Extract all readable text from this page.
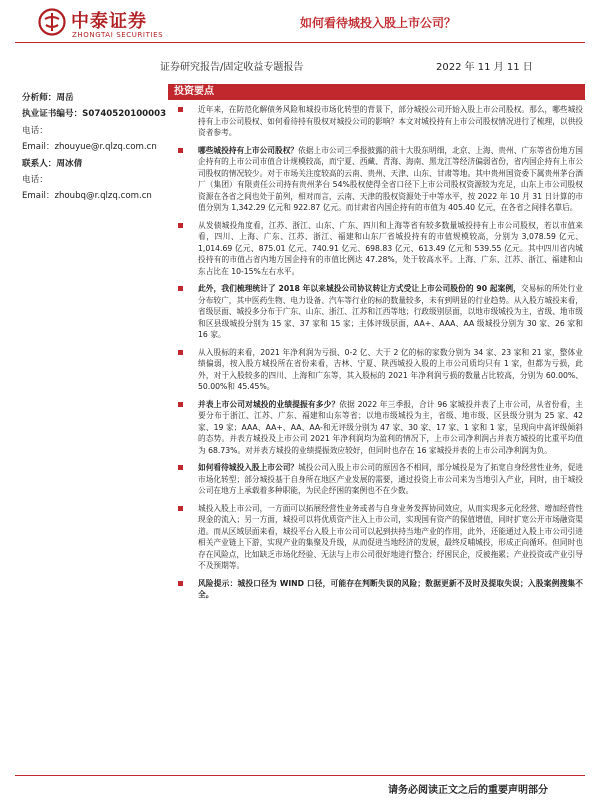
中泰证券
ZHONGTAI SECURITIES
如何看待城投入股上市公司？
证券研究报告/固定收益专题报告	2022 年 11 月 11 日
投资要点
分析师：周岳
执业证书编号：S0740520100003
电话：
Email：zhouyue@r.qlzq.com.cn
联系人：周冰倩
电话：
Email：zhoubq@r.qlzq.com.cn
近年来，在防范化解债务风险和城投市场化转型的背景下，部分城投公司开始入股上市公司股权。那么，哪些城投持有上市公司股权、如何看待持有股权对城投公司的影响？本文对城投持有上市公司股权情况进行了梳理，以供投资者参考。
哪些城投持有上市公司股权？依据上市公司三季报披露的前十大股东明细，北京、上海、贵州、广东等省份地方国企持有的上市公司市值合计规模较高，而宁夏、西藏、青海、海南、黑龙江等经济偏弱省份，省内国企持有上市公司股权的情况较少。对于市场关注度较高的云南、贵州、天津、山东、甘肃等地。其中贵州国资委下属贵州茅台酒厂（集团）有限责任公司持有贵州茅台 54%股权使得全省口径下上市公司股权资源较为充足，山东上市公司股权资源在各省之间也处于前列，相对而言，云南、天津的股权资源处于中等水平，按 2022 年 10 月 31 日计算的市值分别为 1,342.29 亿元和 922.87 亿元。而甘肃省内国企持有的市值为 405.40 亿元，在各省之间排名靠后。
从发债城投角度看，江苏、浙江、山东、广东、四川和上海等省有较多数量城投持有上市公司股权，若以市值来看，四川、上海、广东、江苏、浙江、福建和山东厂省城投持有的市值规模较高，分别为 3,078.59 亿元、1,014.69 亿元、875.01 亿元、740.91 亿元、698.83 亿元、613.49 亿元和 539.55 亿元。其中四川省内城投持有的市值占省内地方国企持有的市值比例达 47.28%，处于较高水平。上海、广东、江苏、浙江、福建和山东占比在 10-15%左右水平。
此外，我们梳理统计了 2018 年以来城投公司协议转让方式受让上市公司股份的 90 起案例，交易标的所处行业分布较广，其中医药生物、电力设备、汽车等行业的标的数量较多，未有到明显的行业趋势。从入股方城投来看，省级层面、城投多分布于广东、山东、浙江、江苏和江西等地；行政级别层面，以地市级城投为主，省级、地市级和区县级城投分别为 15 家、37 家和 15 家；主体评级层面，AA+、AAA、AA 级城投分别为 30 家、26 家和 16 家。
从入股标的来看，2021 年净利润为亏损、0-2 亿、大于 2 亿的标的家数分别为 34 家、23 家和 21 家，整体业绩偏弱，按入股方城投所在省份来看，吉林、宁夏、陕西城投入股的上市公司质均只有 1 家，但都为亏损，此外，对于入股较多的四川、上海和广东等，其入股标的 2021 年净利润亏损的数量占比较高，分别为 60.00%、50.00%和 45.45%。
并表上市公司对城投的业绩提振有多少？依据 2022 年三季报，合计 96 家城投并表了上市公司，从省份看，主要分布于浙江、江苏、广东、福建和山东等省；以地市级城投为主，省级、地市级、区县级分别为 25 家、42 家、19 家；AAA、AA+、AA、AA-和无评级分别为 47 家、30 家、17 家、1 家和 1 家，呈现向中高评级倾斜的态势。并表方城投及上市公司 2021 年净利润均为盈利的情况下，上市公司净利润占并表方城投的比重平均值为 68.73%。对并表方城投的业绩提振效应较好，但同时也存在 16 家城投并表的上市公司净利润为负。
如何看待城投入股上市公司？城投公司入股上市公司的原因各不相同，部分城投是为了拓宽自身经营性业务，促进市场化转型；部分城投基于自身所在地区产业发展的需要，通过投资上市公司来为当地引入产业，同时，由于城投公司在地方上承载着多种职能，为民企纾困的案例也不在少数。
城投入股上市公司，一方面可以拓展经营性业务或者与自身业务发挥协同效应，从而实现多元化经营、增加经营性现金的流入；另一方面，城投可以将优质资产注入上市公司，实现国有资产的保值增值，同时扩宽公开市场融资渠道。而从区域层面来看，城投平台入股上市公司可以起到扶持当地产业的作用，此外，还能通过入股上市公司引进相关产业链上下游，实现产业的集聚及升级，从而促进当地经济的发展，最终反哺城投，形成正向循环。但同时也存在风险点，比如缺乏市场化经验、无法与上市公司很好地进行整合；纾困民企，反被拖累；产业投资或产业引导不及预期等。
风险提示：城投口径为 WIND 口径，可能存在判断失误的风险；数据更新不及时及提取失误；入股案例搜集不全。
请务必阅读正文之后的重要声明部分
